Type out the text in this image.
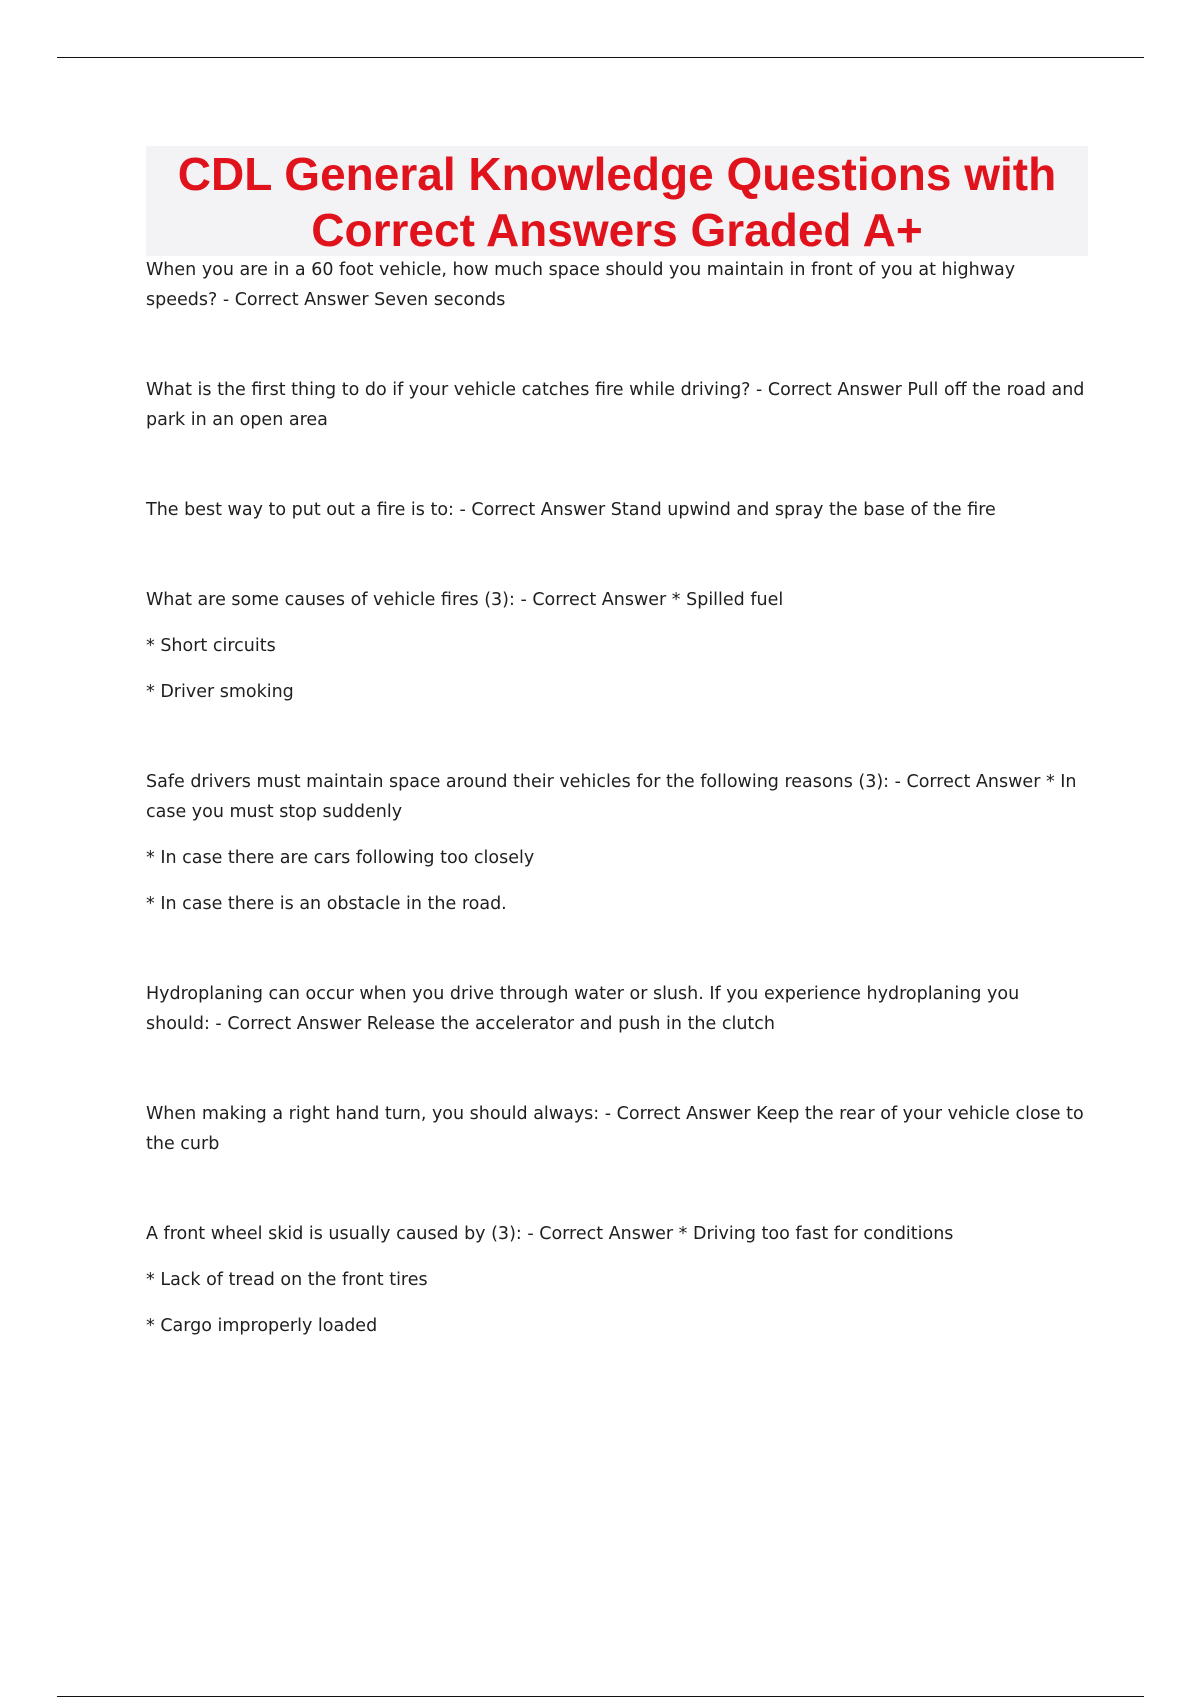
CDL General Knowledge Questions with
Correct Answers Graded A+

When you are in a 60 foot vehicle, how much space should you maintain in front of you at highway speeds? - Correct Answer Seven seconds

What is the first thing to do if your vehicle catches fire while driving? - Correct Answer Pull off the road and park in an open area

The best way to put out a fire is to: - Correct Answer Stand upwind and spray the base of the fire

What are some causes of vehicle fires (3): - Correct Answer * Spilled fuel

* Short circuits

* Driver smoking

Safe drivers must maintain space around their vehicles for the following reasons (3): - Correct Answer * In case you must stop suddenly

* In case there are cars following too closely

* In case there is an obstacle in the road.

Hydroplaning can occur when you drive through water or slush. If you experience hydroplaning you should: - Correct Answer Release the accelerator and push in the clutch

When making a right hand turn, you should always: - Correct Answer Keep the rear of your vehicle close to the curb

A front wheel skid is usually caused by (3): - Correct Answer * Driving too fast for conditions

* Lack of tread on the front tires

* Cargo improperly loaded
